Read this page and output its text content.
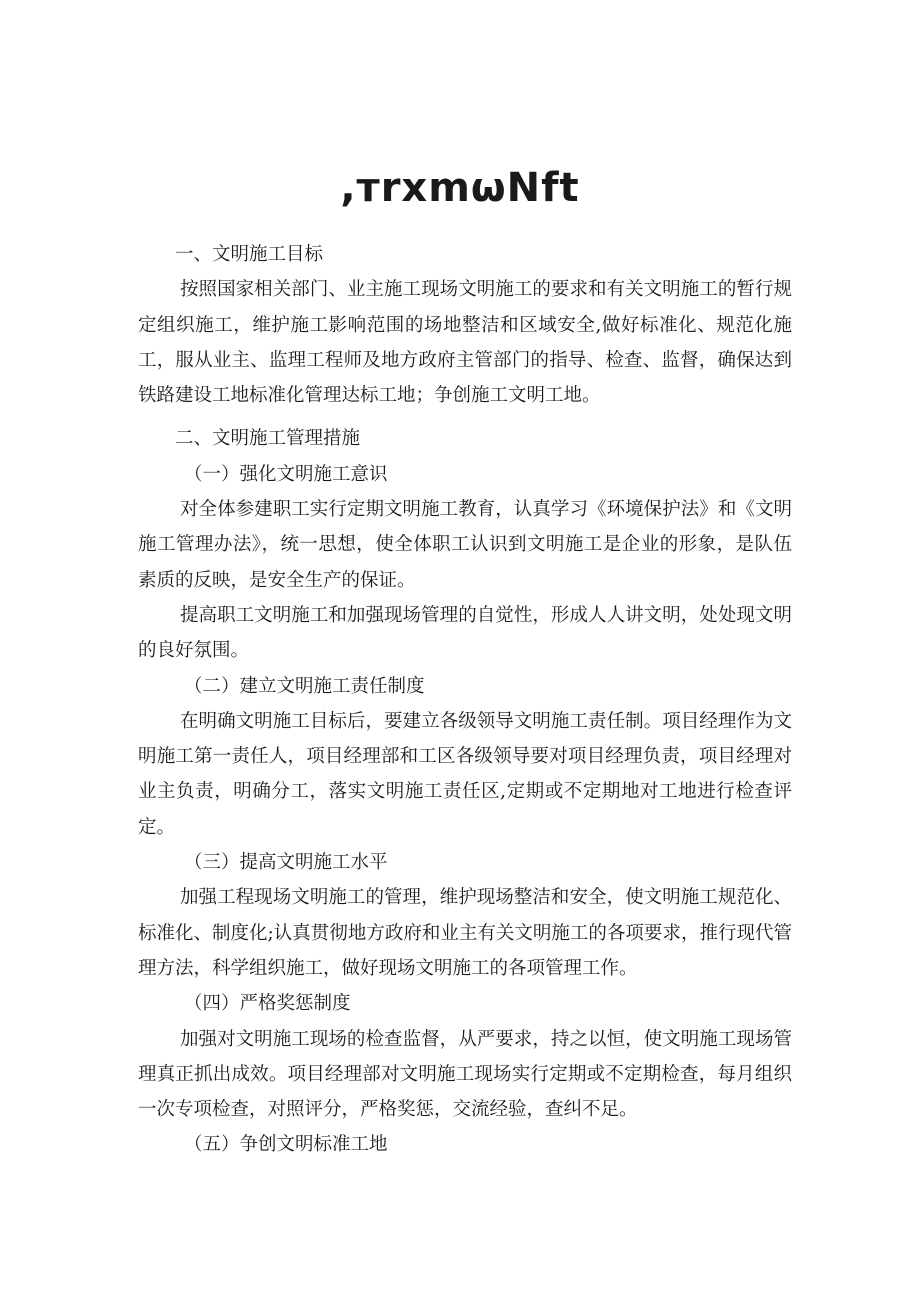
,тrxmωNft

一、文明施工目标

按照国家相关部门、业主施工现场文明施工的要求和有关文明施工的暂行规定组织施工，维护施工影响范围的场地整洁和区域安全,做好标准化、规范化施工，服从业主、监理工程师及地方政府主管部门的指导、检查、监督，确保达到铁路建设工地标准化管理达标工地；争创施工文明工地。

二、文明施工管理措施

（一）强化文明施工意识

对全体参建职工实行定期文明施工教育，认真学习《环境保护法》和《文明施工管理办法》，统一思想，使全体职工认识到文明施工是企业的形象，是队伍素质的反映，是安全生产的保证。

提高职工文明施工和加强现场管理的自觉性，形成人人讲文明，处处现文明的良好氛围。

（二）建立文明施工责任制度

在明确文明施工目标后，要建立各级领导文明施工责任制。项目经理作为文明施工第一责任人，项目经理部和工区各级领导要对项目经理负责，项目经理对业主负责，明确分工，落实文明施工责任区,定期或不定期地对工地进行检查评定。

（三）提高文明施工水平

加强工程现场文明施工的管理，维护现场整洁和安全，使文明施工规范化、标准化、制度化;认真贯彻地方政府和业主有关文明施工的各项要求，推行现代管理方法，科学组织施工，做好现场文明施工的各项管理工作。

（四）严格奖惩制度

加强对文明施工现场的检查监督，从严要求，持之以恒，使文明施工现场管理真正抓出成效。项目经理部对文明施工现场实行定期或不定期检查，每月组织一次专项检查，对照评分，严格奖惩，交流经验，查纠不足。

（五）争创文明标准工地
